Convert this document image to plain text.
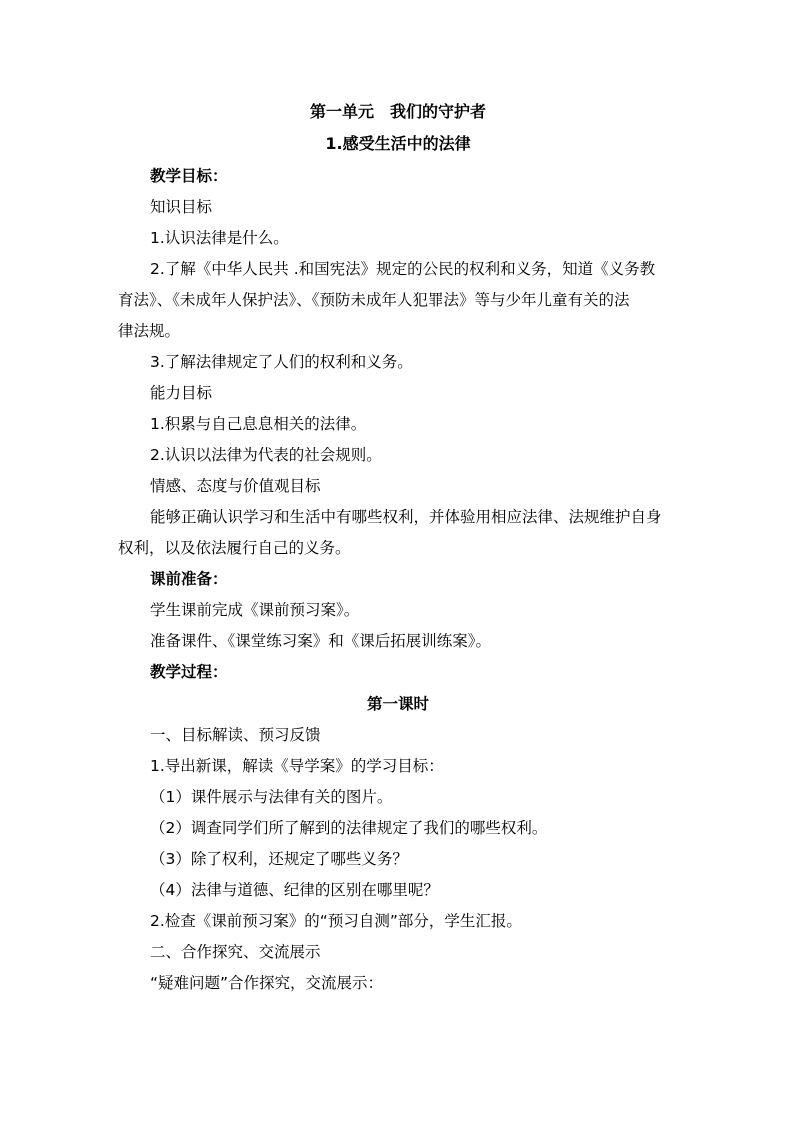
第一单元　我们的守护者
1.感受生活中的法律
教学目标：
知识目标
1.认识法律是什么。
2.了解《中华人民共 .和国宪法》规定的公民的权利和义务，知道《义务教
育法》、《未成年人保护法》、《预防未成年人犯罪法》等与少年儿童有关的法
律法规。
3.了解法律规定了人们的权利和义务。
能力目标
1.积累与自己息息相关的法律。
2.认识以法律为代表的社会规则。
情感、态度与价值观目标
能够正确认识学习和生活中有哪些权利，并体验用相应法律、法规维护自身
权利，以及依法履行自己的义务。
课前准备：
学生课前完成《课前预习案》。
准备课件、《课堂练习案》和《课后拓展训练案》。
教学过程：
第一课时
一、目标解读、预习反馈
1.导出新课，解读《导学案》的学习目标：
（1）课件展示与法律有关的图片。
（2）调查同学们所了解到的法律规定了我们的哪些权利。
（3）除了权利，还规定了哪些义务？
（4）法律与道德、纪律的区别在哪里呢？
2.检查《课前预习案》的“预习自测”部分，学生汇报。
二、合作探究、交流展示
“疑难问题”合作探究，交流展示：
